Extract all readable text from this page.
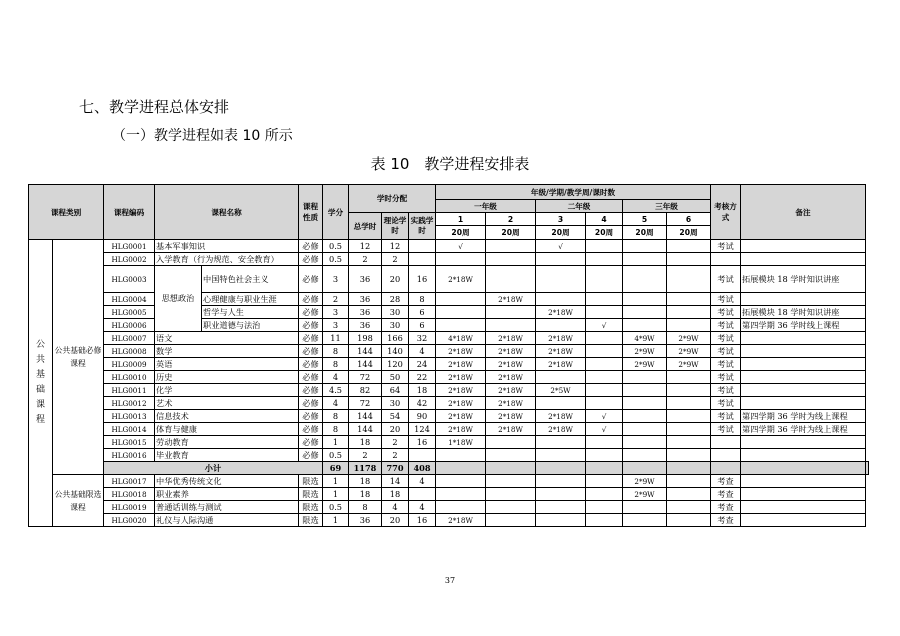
七、教学进程总体安排
（一）教学进程如表 10 所示
表 10　教学进程安排表
课程类别		课程编码	课程名称		课程性质	学分	学时分配			年级/学期/教学周/课时数						考核方式	备注	
										一年级		二年级		三年级				
							总学时	理论学时	实践学时	1	2	3	4	5	6			
										20周	20周	20周	20周	20周	20周			
公共基础课程	公共基础必修课程	HLG0001	基本军事知识		必修	0.5	12	12		√		√				考试		
		HLG0002	入学教育（行为规范、安全教育）		必修	0.5	2	2										
		HLG0003	思想政治	中国特色社会主义	必修	3	36	20	16	2*18W						考试	拓展模块 18 学时知识讲座	
		HLG0004		心理健康与职业生涯	必修	2	36	28	8		2*18W					考试		
		HLG0005		哲学与人生	必修	3	36	30	6			2*18W				考试	拓展模块 18 学时知识讲座	
		HLG0006		职业道德与法治	必修	3	36	30	6				√			考试	第四学期 36 学时线上课程	
		HLG0007	语文		必修	11	198	166	32	4*18W	2*18W	2*18W		4*9W	2*9W	考试		
		HLG0008	数学		必修	8	144	140	4	2*18W	2*18W	2*18W		2*9W	2*9W	考试		
		HLG0009	英语		必修	8	144	120	24	2*18W	2*18W	2*18W		2*9W	2*9W	考试		
		HLG0010	历史		必修	4	72	50	22	2*18W	2*18W					考试		
		HLG0011	化学		必修	4.5	82	64	18	2*18W	2*18W	2*5W				考试		
		HLG0012	艺术		必修	4	72	30	42	2*18W	2*18W					考试		
		HLG0013	信息技术		必修	8	144	54	90	2*18W	2*18W	2*18W	√			考试	第四学期 36 学时为线上课程	
		HLG0014	体育与健康		必修	8	144	20	124	2*18W	2*18W	2*18W	√			考试	第四学期 36 学时为线上课程	
		HLG0015	劳动教育		必修	1	18	2	16	1*18W								
		HLG0016	毕业教育		必修	0.5	2	2										
		小计				69	1178	770	408									
	公共基础限选课程	HLG0017	中华优秀传统文化		限选	1	18	14	4					2*9W		考查		
		HLG0018	职业素养		限选	1	18	18						2*9W		考查		
		HLG0019	普通话训练与测试		限选	0.5	8	4	4							考查		
		HLG0020	礼仪与人际沟通		限选	1	36	20	16	2*18W						考查		
37
